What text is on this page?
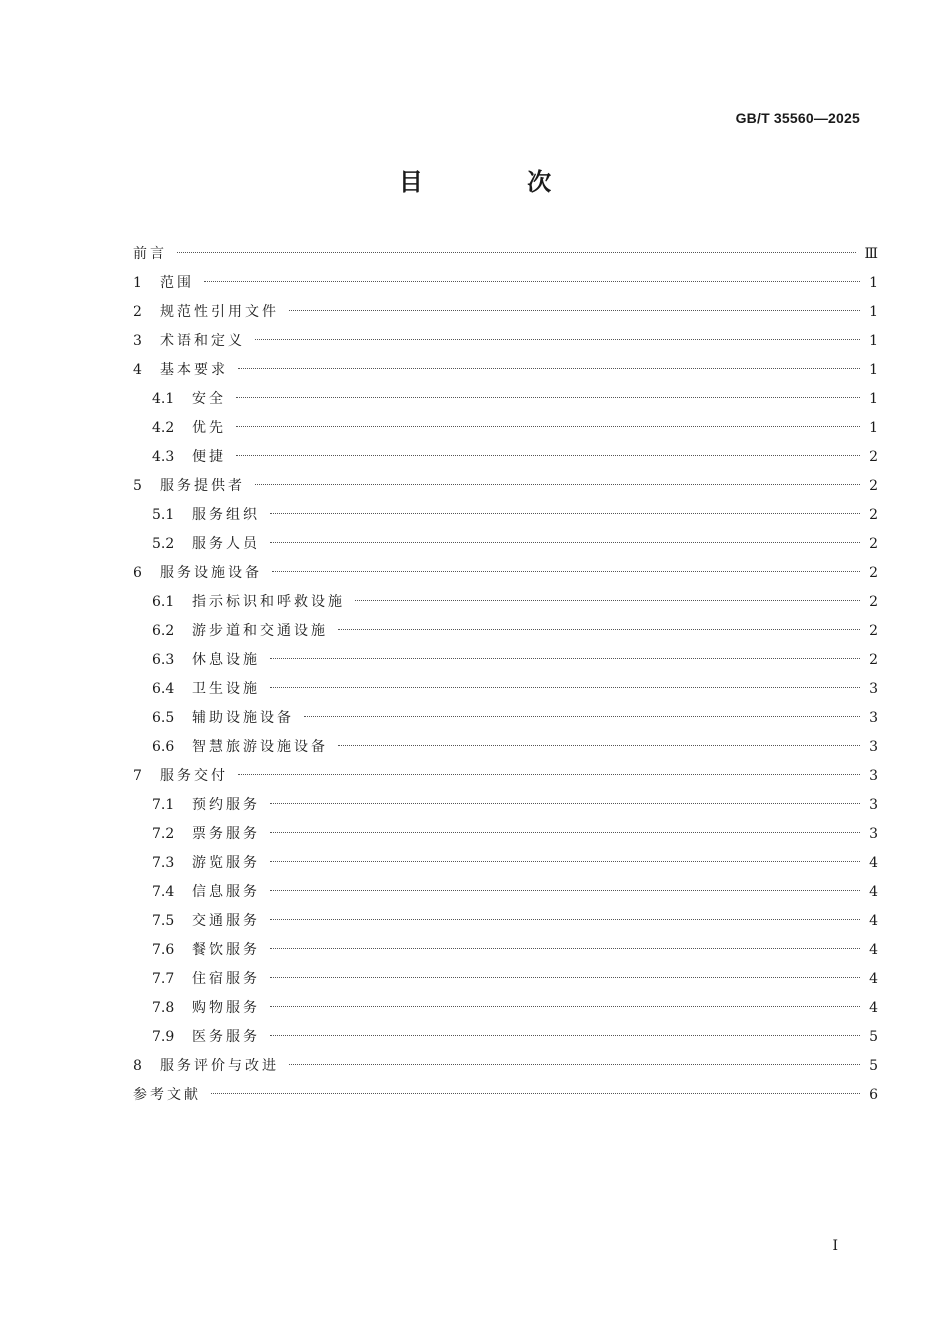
GB/T 35560—2025
目 次
前言	Ⅲ
1 范围	1
2 规范性引用文件	1
3 术语和定义	1
4 基本要求	1
4.1 安全	1
4.2 优先	1
4.3 便捷	2
5 服务提供者	2
5.1 服务组织	2
5.2 服务人员	2
6 服务设施设备	2
6.1 指示标识和呼救设施	2
6.2 游步道和交通设施	2
6.3 休息设施	2
6.4 卫生设施	3
6.5 辅助设施设备	3
6.6 智慧旅游设施设备	3
7 服务交付	3
7.1 预约服务	3
7.2 票务服务	3
7.3 游览服务	4
7.4 信息服务	4
7.5 交通服务	4
7.6 餐饮服务	4
7.7 住宿服务	4
7.8 购物服务	4
7.9 医务服务	5
8 服务评价与改进	5
参考文献	6
Ⅰ
